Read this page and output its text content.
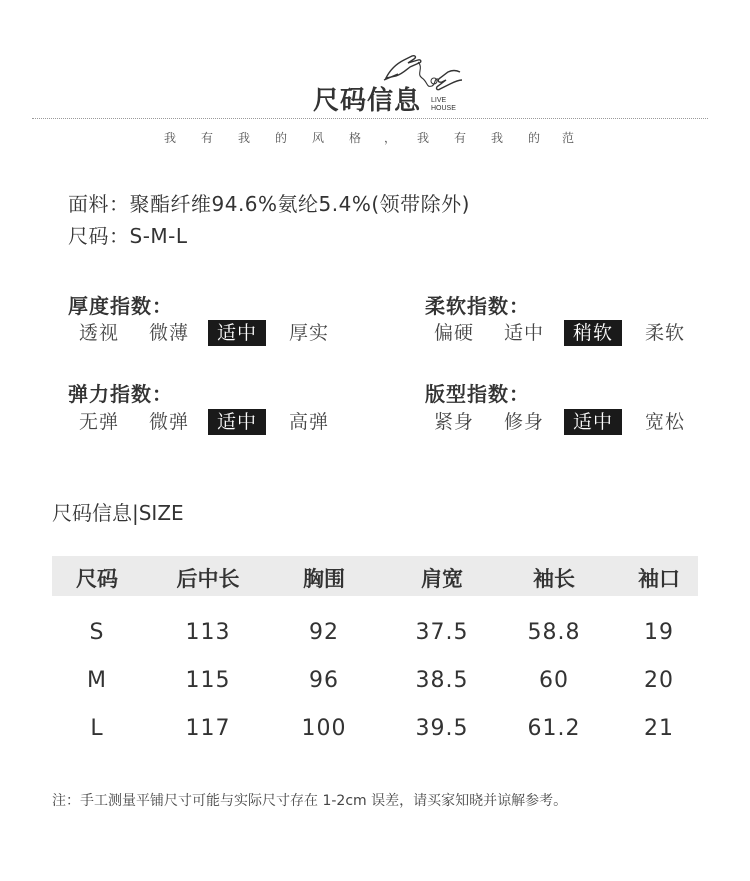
尺码信息 LIVE
HOUSE
我 有 我 的 风 格 ， 我 有 我 的 范
面料：聚酯纤维94.6%氨纶5.4%(领带除外)
尺码：S-M-L
厚度指数：
透视	微薄	适中	厚实
柔软指数：
偏硬	适中	稍软	柔软
弹力指数：
无弹	微弹	适中	高弹
版型指数：
紧身	修身	适中	宽松
尺码信息|SIZE
尺码	后中长	胸围	肩宽	袖长	袖口
S	113	92	37.5	58.8	19
M	115	96	38.5	60	20
L	117	100	39.5	61.2	21
注：手工测量平铺尺寸可能与实际尺寸存在 1-2cm 误差，请买家知晓并谅解参考。
